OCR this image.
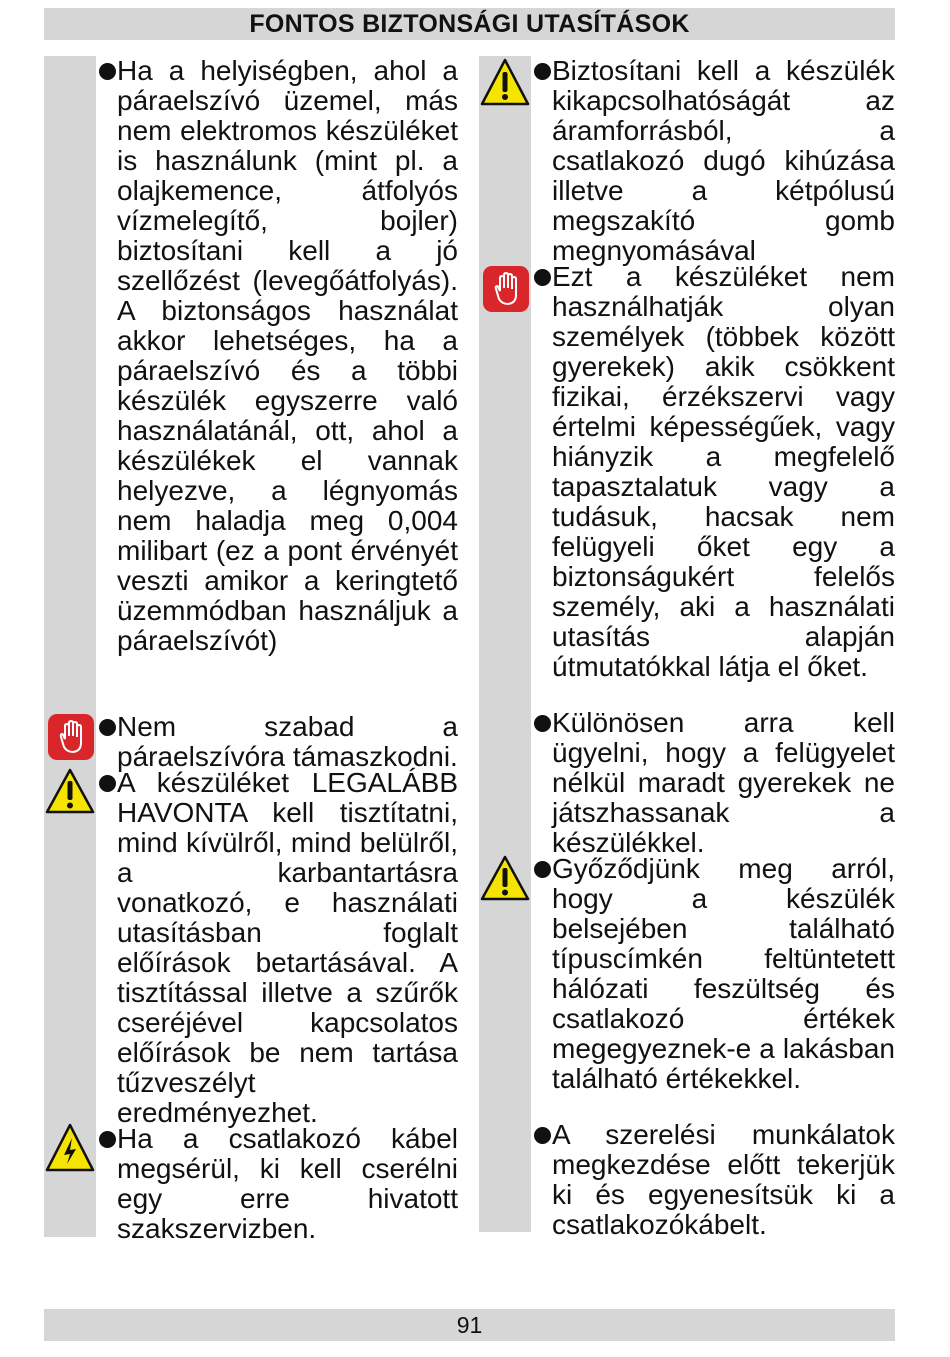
FONTOS BIZTONSÁGI UTASÍTÁSOK
Ha a helyiségben, ahol a páraelszívó üzemel, más nem elektromos készüléket is használunk (mint pl. a olajkemence, átfolyós vízmelegítő, bojler) biztosítani kell a jó szellőzést (levegőátfolyás). A biztonságos használat akkor lehetséges, ha a páraelszívó és a többi készülék egyszerre való használatánál, ott, ahol a készülékek el vannak helyezve, a légnyomás nem haladja meg 0,004 milibart (ez a pont érvényét veszti amikor a keringtető üzemmódban használjuk a páraelszívót)
Nem szabad a páraelszívóra támaszkodni.
A készüléket LEGALÁBB HAVONTA kell tisztítatni, mind kívülről, mind belülről, a karbantartásra vonatkozó, e használati utasításban foglalt előírások betartásával. A tisztítással illetve a szűrők cseréjével kapcsolatos előírások be nem tartása tűzveszélyt eredményezhet.
Ha a csatlakozó kábel megsérül, ki kell cserélni egy erre hivatott szakszervizben.
Biztosítani kell a készülék kikapcsolhatóságát az áramforrásból, a csatlakozó dugó kihúzása illetve a kétpólusú megszakító gomb megnyomásával
Ezt a készüléket nem használhatják olyan személyek (többek között gyerekek) akik csökkent fizikai, érzékszervi vagy értelmi képességűek, vagy hiányzik a megfelelő tapasztalatuk vagy a tudásuk, hacsak nem felügyeli őket egy a biztonságukért felelős személy, aki a használati utasítás alapján útmutatókkal látja el őket.
Különösen arra kell ügyelni, hogy a felügyelet nélkül maradt gyerekek ne játszhassanak a készülékkel.
Győződjünk meg arról, hogy a készülék belsejében található típuscímkén feltüntetett hálózati feszültség és csatlakozó értékek megegyeznek-e a lakásban található értékekkel.
A szerelési munkálatok megkezdése előtt tekerjük ki és egyenesítsük ki a csatlakozókábelt.
91
